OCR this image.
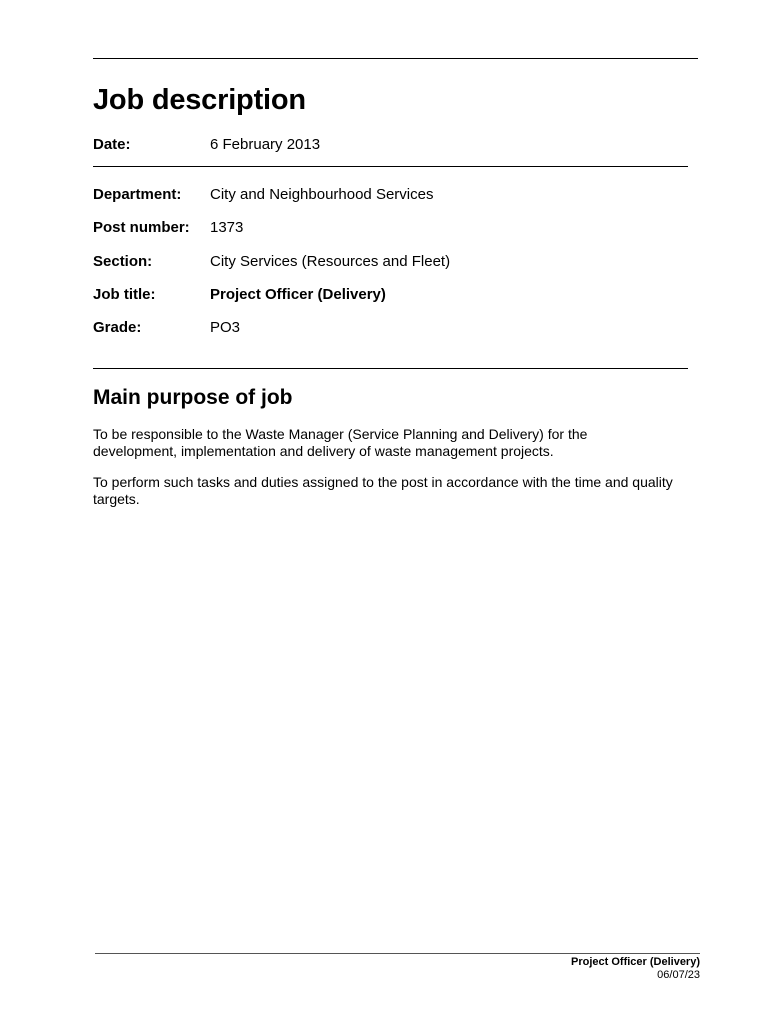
Job description
Date:	6 February 2013
Department: City and Neighbourhood Services
Post number: 1373
Section:	City Services (Resources and Fleet)
Job title:	Project Officer (Delivery)
Grade:	PO3
Main purpose of job

To be responsible to the Waste Manager (Service Planning and Delivery) for the development, implementation and delivery of waste management projects.

To perform such tasks and duties assigned to the post in accordance with the time and quality targets.

Project Officer (Delivery)
06/07/23
